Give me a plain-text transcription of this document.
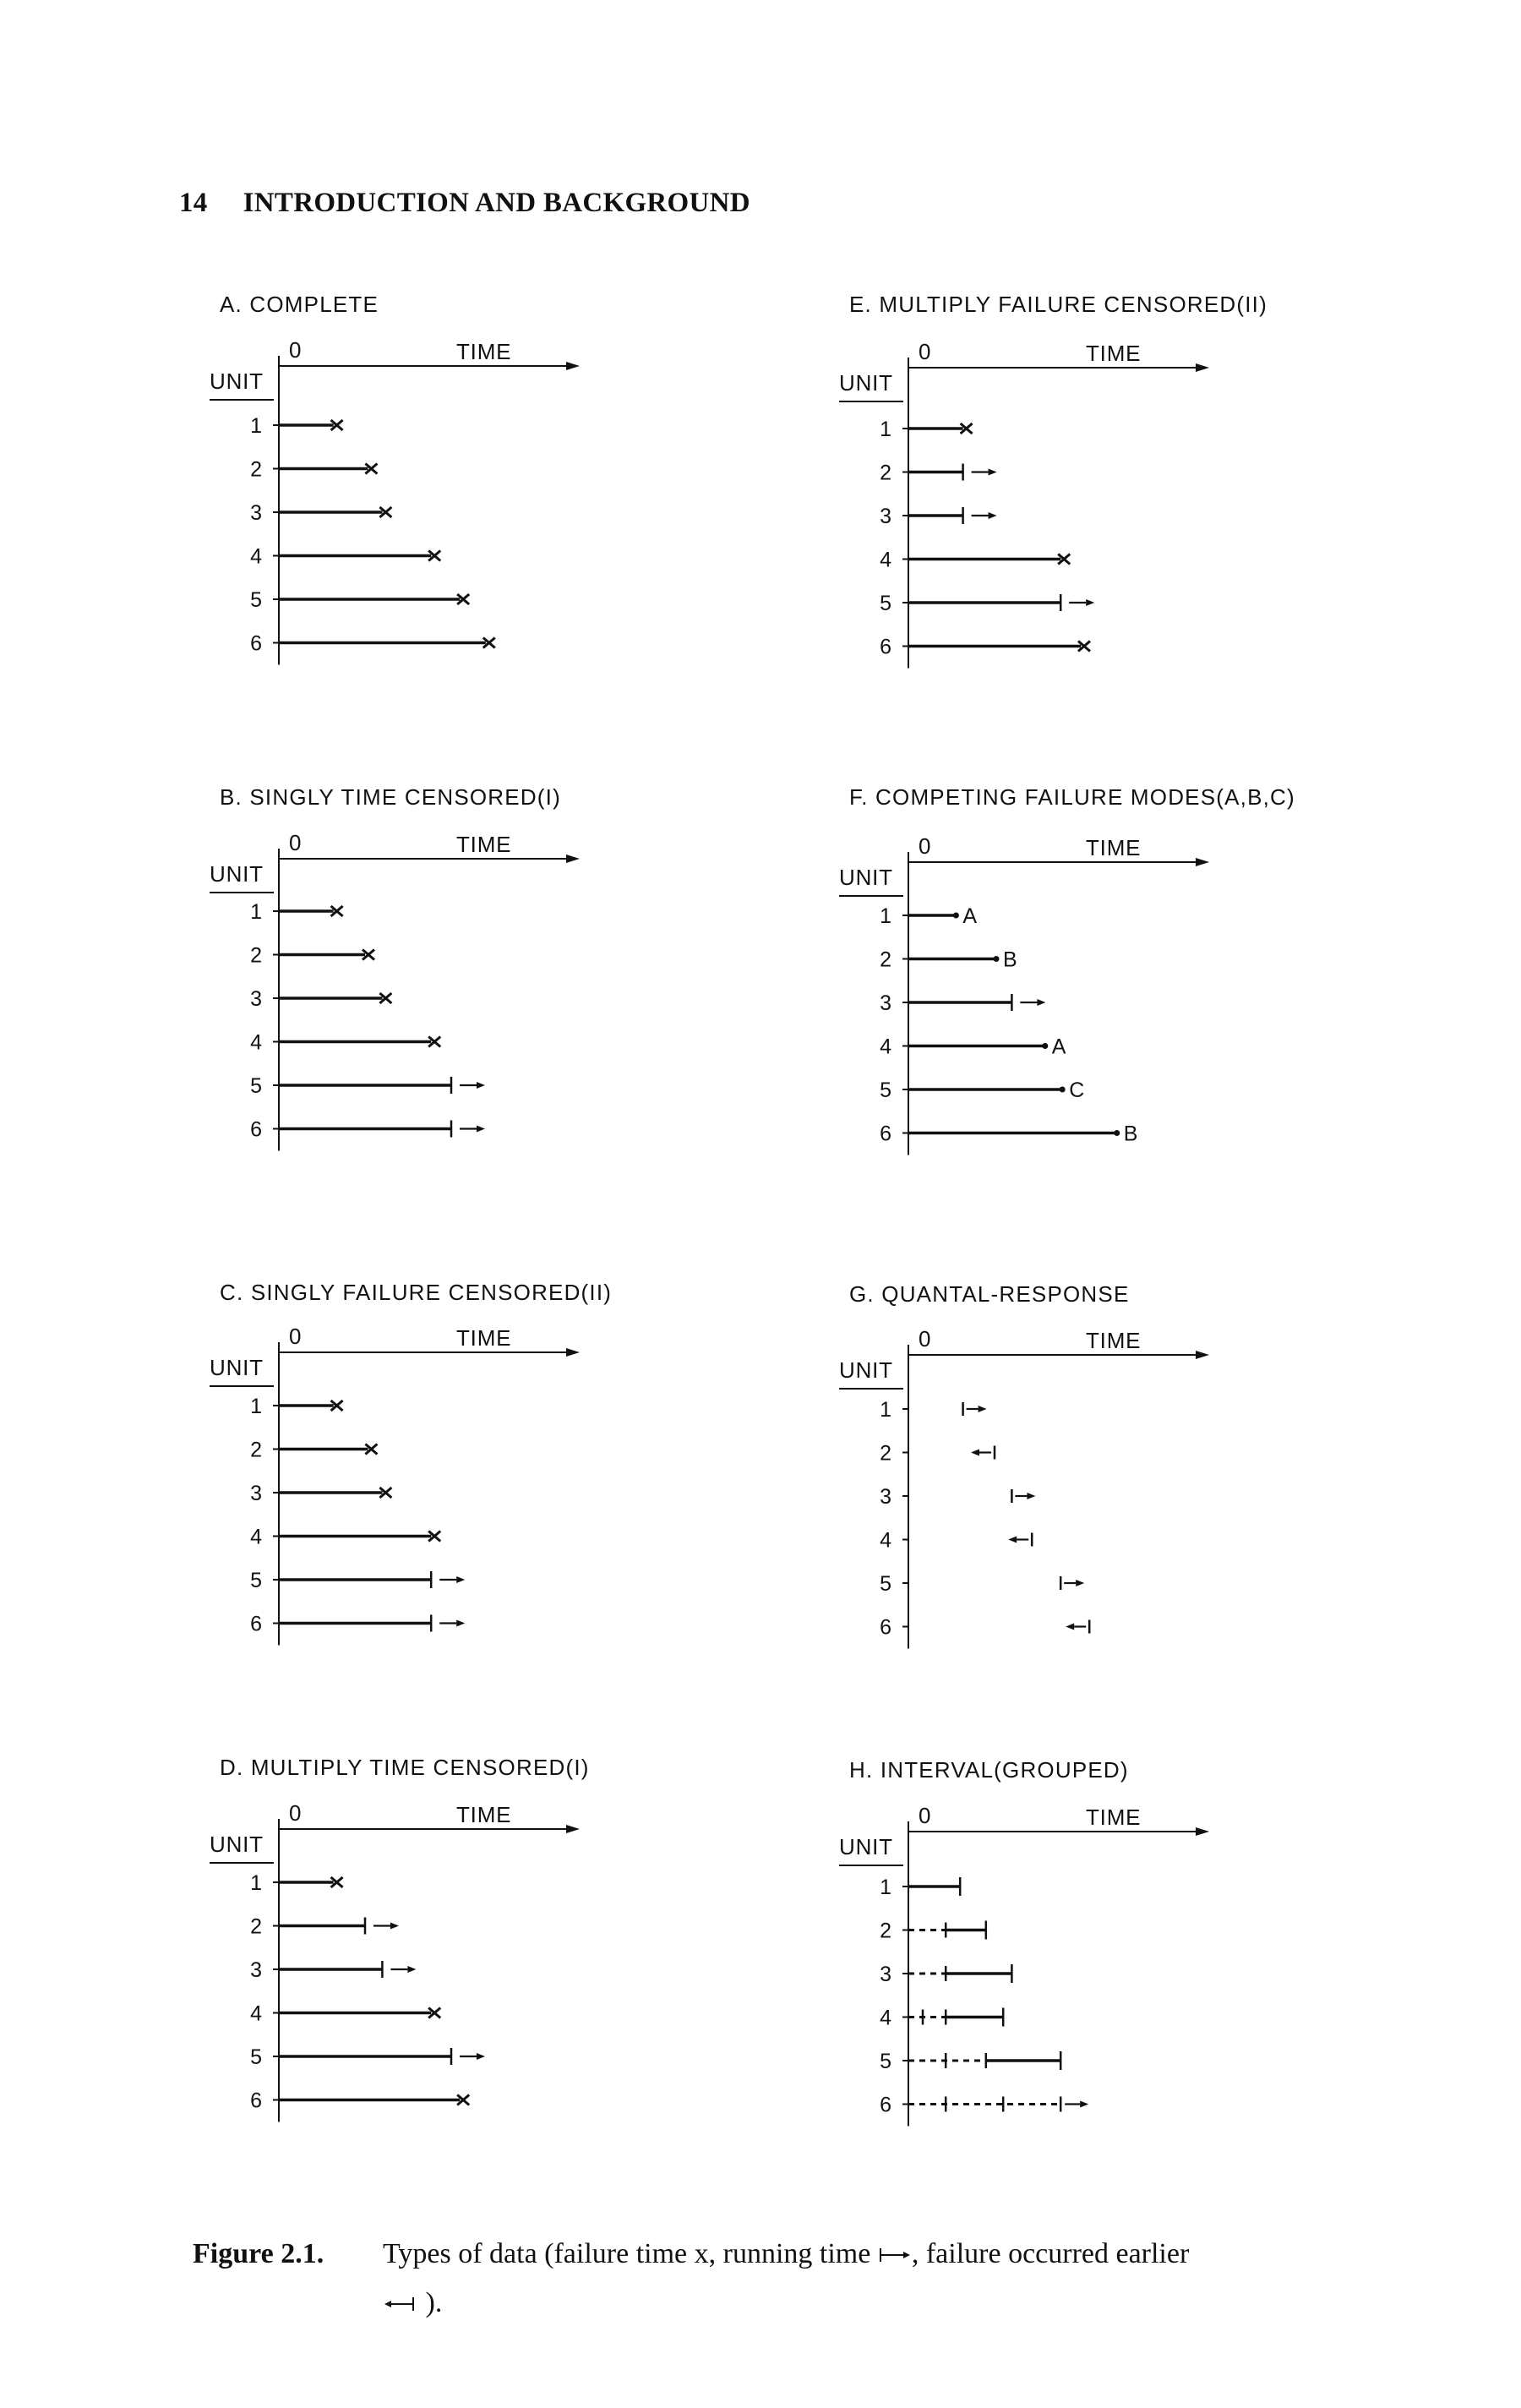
14 INTRODUCTION AND BACKGROUND
A. COMPLETE
0	TIME
UNIT
1
2
3
4
5
6
B. SINGLY TIME CENSORED(I)
0	TIME
UNIT
1
2
3
4
5
6
C. SINGLY FAILURE CENSORED(II)
0	TIME
UNIT
1
2
3
4
5
6
D. MULTIPLY TIME CENSORED(I)
0	TIME
UNIT
1
2
3
4
5
6
E. MULTIPLY FAILURE CENSORED(II)
0	TIME
UNIT
1
2
3
4
5
6
F. COMPETING FAILURE MODES(A,B,C)
0	TIME
UNIT
1	A
2	B
3
4	A
5	C
6	B
G. QUANTAL-RESPONSE
0	TIME
UNIT
1
2
3
4
5
6
H. INTERVAL(GROUPED)
0	TIME
UNIT
1
2
3
4
5
6
Figure 2.1. Types of data (failure time x, running time , failure occurred earlier
).
